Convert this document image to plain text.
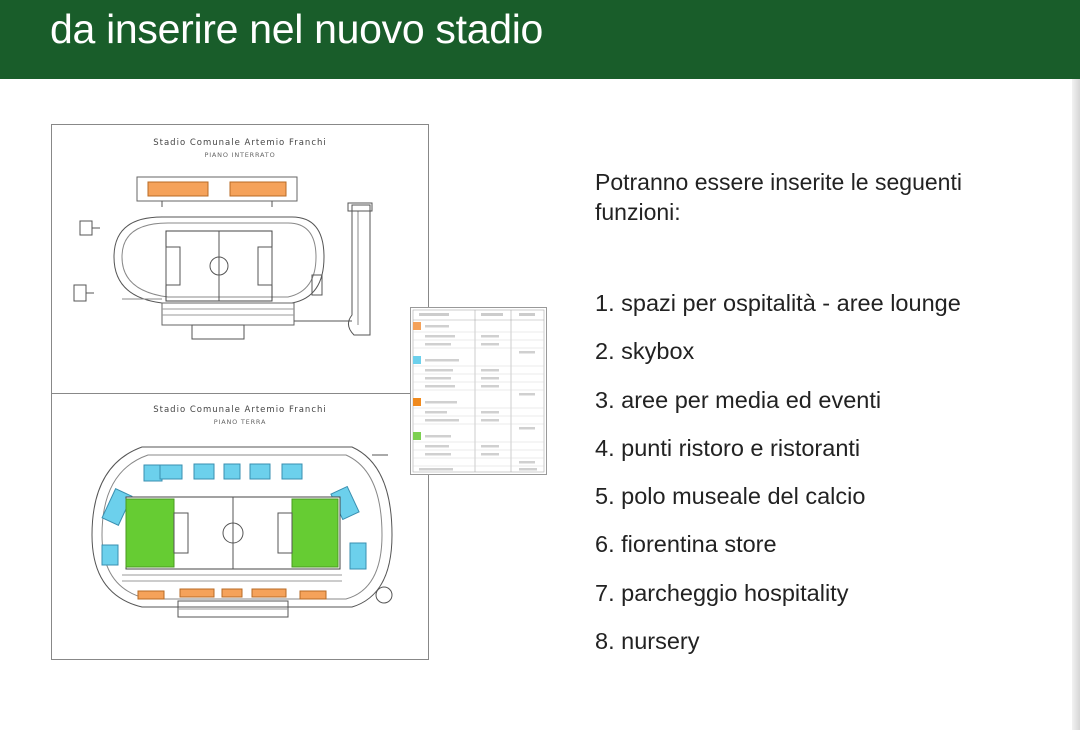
da inserire nel nuovo stadio
Stadio Comunale Artemio Franchi
PIANO INTERRATO
Stadio Comunale Artemio Franchi
PIANO TERRA
Potranno essere inserite le seguenti funzioni:
1. spazi per ospitalità - aree lounge
2. skybox
3. aree per media ed eventi
4. punti ristoro e ristoranti
5. polo museale del calcio
6. fiorentina store
7. parcheggio hospitality
8. nursery
